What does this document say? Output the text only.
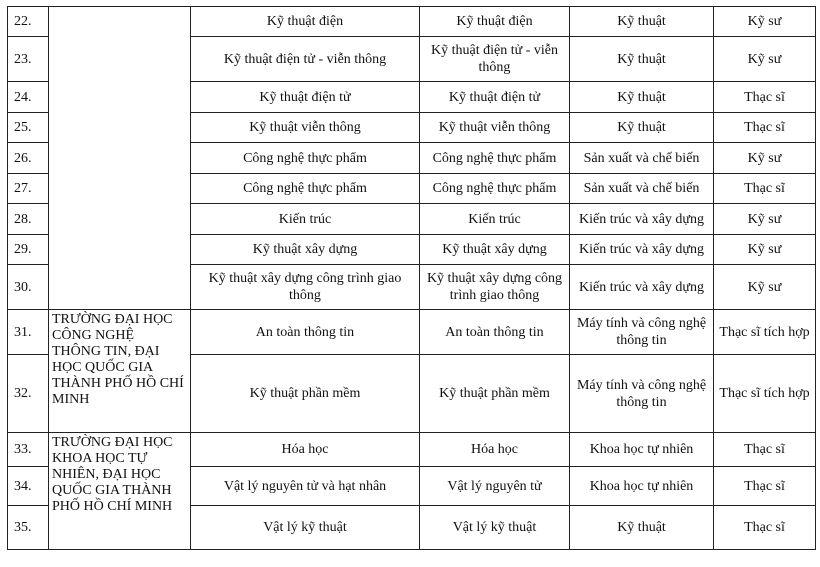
22.		Kỹ thuật điện	Kỹ thuật điện	Kỹ thuật	Kỹ sư
23.		Kỹ thuật điện tử - viễn thông	Kỹ thuật điện tử - viễn thông	Kỹ thuật	Kỹ sư
24.		Kỹ thuật điện tử	Kỹ thuật điện tử	Kỹ thuật	Thạc sĩ
25.		Kỹ thuật viễn thông	Kỹ thuật viễn thông	Kỹ thuật	Thạc sĩ
26.		Công nghệ thực phẩm	Công nghệ thực phẩm	Sản xuất và chế biến	Kỹ sư
27.		Công nghệ thực phẩm	Công nghệ thực phẩm	Sản xuất và chế biến	Thạc sĩ
28.		Kiến trúc	Kiến trúc	Kiến trúc và xây dựng	Kỹ sư
29.		Kỹ thuật xây dựng	Kỹ thuật xây dựng	Kiến trúc và xây dựng	Kỹ sư
30.		Kỹ thuật xây dựng công trình giao thông	Kỹ thuật xây dựng công trình giao thông	Kiến trúc và xây dựng	Kỹ sư
31.	TRƯỜNG ĐẠI HỌC CÔNG NGHỆ THÔNG TIN, ĐẠI HỌC QUỐC GIA THÀNH PHỐ HỒ CHÍ MINH	An toàn thông tin	An toàn thông tin	Máy tính và công nghệ thông tin	Thạc sĩ tích hợp
32.		Kỹ thuật phần mềm	Kỹ thuật phần mềm	Máy tính và công nghệ thông tin	Thạc sĩ tích hợp
33.	TRƯỜNG ĐẠI HỌC KHOA HỌC TỰ NHIÊN, ĐẠI HỌC QUỐC GIA THÀNH PHỐ HỒ CHÍ MINH	Hóa học	Hóa học	Khoa học tự nhiên	Thạc sĩ
34.		Vật lý nguyên tử và hạt nhân	Vật lý nguyên tử	Khoa học tự nhiên	Thạc sĩ
35.		Vật lý kỹ thuật	Vật lý kỹ thuật	Kỹ thuật	Thạc sĩ
